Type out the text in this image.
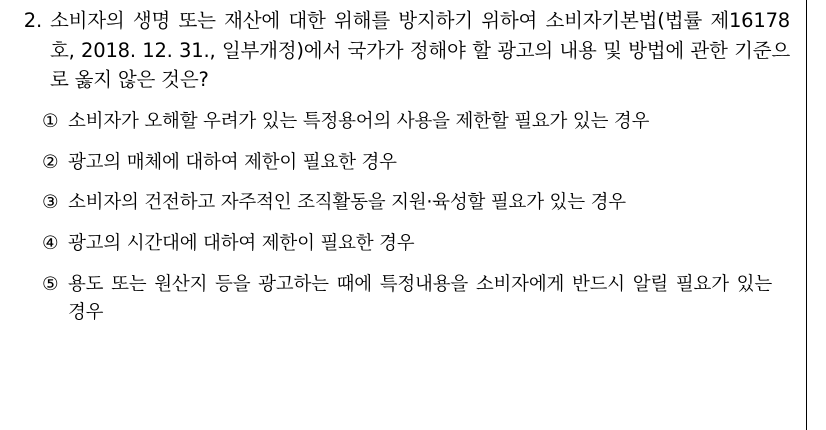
2. 소비자의 생명 또는 재산에 대한 위해를 방지하기 위하여 소비자기본법(법률 제16178호, 2018. 12. 31., 일부개정)에서 국가가 정해야 할 광고의 내용 및 방법에 관한 기준으로 옳지 않은 것은?
① 소비자가 오해할 우려가 있는 특정용어의 사용을 제한할 필요가 있는 경우
② 광고의 매체에 대하여 제한이 필요한 경우
③ 소비자의 건전하고 자주적인 조직활동을 지원·육성할 필요가 있는 경우
④ 광고의 시간대에 대하여 제한이 필요한 경우
⑤ 용도 또는 원산지 등을 광고하는 때에 특정내용을 소비자에게 반드시 알릴 필요가 있는 경우
